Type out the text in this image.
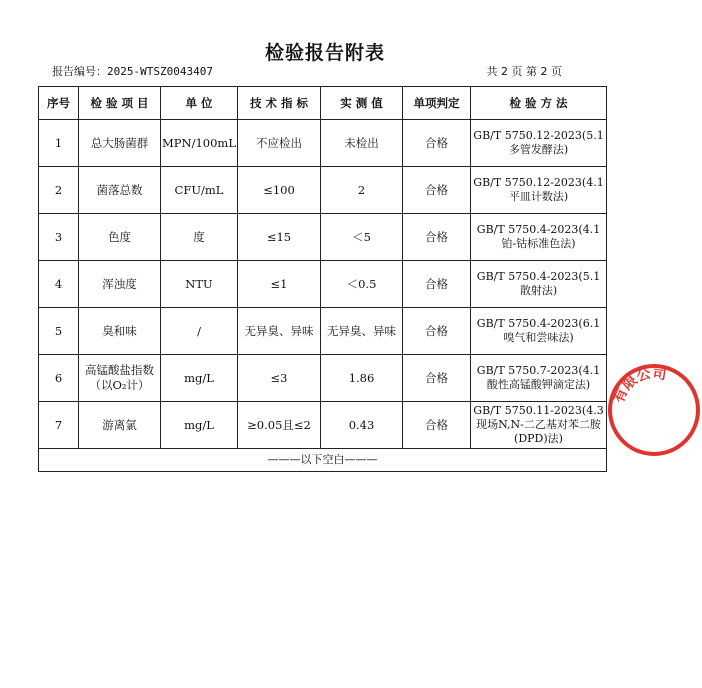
检验报告附表
报告编号：2025-WTSZ0043407	共 2 页 第 2 页
序号	检 验 项 目	单 位	技 术 指 标	实 测 值	单项判定	检 验 方 法
1	总大肠菌群	MPN/100mL	不应检出	未检出	合格	GB/T 5750.12-2023(5.1多管发酵法)
2	菌落总数	CFU/mL	≤100	2	合格	GB/T 5750.12-2023(4.1平皿计数法)
3	色度	度	≤15	＜5	合格	GB/T 5750.4-2023(4.1铂-钴标准色法)
4	浑浊度	NTU	≤1	＜0.5	合格	GB/T 5750.4-2023(5.1散射法)
5	臭和味	/	无异臭、异味	无异臭、异味	合格	GB/T 5750.4-2023(6.1嗅气和尝味法)
6	高锰酸盐指数（以O₂计）	mg/L	≤3	1.86	合格	GB/T 5750.7-2023(4.1酸性高锰酸钾滴定法)
7	游离氯	mg/L	≥0.05且≤2	0.43	合格	GB/T 5750.11-2023(4.3现场N,N-二乙基对苯二胺(DPD)法)
———以下空白———						
有限公司
